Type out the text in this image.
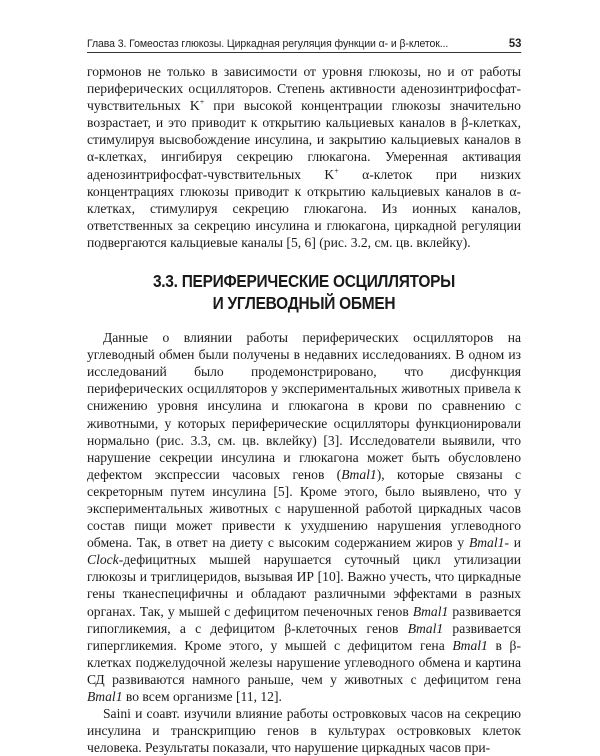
Глава 3. Гомеостаз глюкозы. Циркадная регуляция функции α- и β-клеток...	53

гормонов не только в зависимости от уровня глюкозы, но и от работы периферических осцилляторов. Степень активности аденозинтрифосфат-чувствительных K+ при высокой концентрации глюкозы значительно возрастает, и это приводит к открытию кальциевых каналов в β-клетках, стимулируя высвобождение инсулина, и закрытию кальциевых каналов в α-клетках, ингибируя секрецию глюкагона. Умеренная активация аденозинтрифосфат-чувствительных K+ α-клеток при низких концентрациях глюкозы приводит к открытию кальциевых каналов в α-клетках, стимулируя секрецию глюкагона. Из ионных каналов, ответственных за секрецию инсулина и глюкагона, циркадной регуляции подвергаются кальциевые каналы [5, 6] (рис. 3.2, см. цв. вклейку).

3.3. ПЕРИФЕРИЧЕСКИЕ ОСЦИЛЛЯТОРЫ
И УГЛЕВОДНЫЙ ОБМЕН

Данные о влиянии работы периферических осцилляторов на углеводный обмен были получены в недавних исследованиях. В одном из исследований было продемонстрировано, что дисфункция периферических осцилляторов у экспериментальных животных привела к снижению уровня инсулина и глюкагона в крови по сравнению с животными, у которых периферические осцилляторы функционировали нормально (рис. 3.3, см. цв. вклейку) [3]. Исследователи выявили, что нарушение секреции инсулина и глюкагона может быть обусловлено дефектом экспрессии часовых генов (Bmal1), которые связаны с секреторным путем инсулина [5]. Кроме этого, было выявлено, что у экспериментальных животных с нарушенной работой циркадных часов состав пищи может привести к ухудшению нарушения углеводного обмена. Так, в ответ на диету с высоким содержанием жиров у Bmal1- и Clock-дефицитных мышей нарушается суточный цикл утилизации глюкозы и триглицеридов, вызывая ИР [10]. Важно учесть, что циркадные гены тканеспецифичны и обладают различными эффектами в разных органах. Так, у мышей с дефицитом печеночных генов Bmal1 развивается гипогликемия, а с дефицитом β-клеточных генов Bmal1 развивается гипергликемия. Кроме этого, у мышей с дефицитом гена Bmal1 в β-клетках поджелудочной железы нарушение углеводного обмена и картина СД развиваются намного раньше, чем у животных с дефицитом гена Bmal1 во всем организме [11, 12].

Saini и соавт. изучили влияние работы островковых часов на секрецию инсулина и транскрипцию генов в культурах островковых клеток человека. Результаты показали, что нарушение циркадных часов при-
